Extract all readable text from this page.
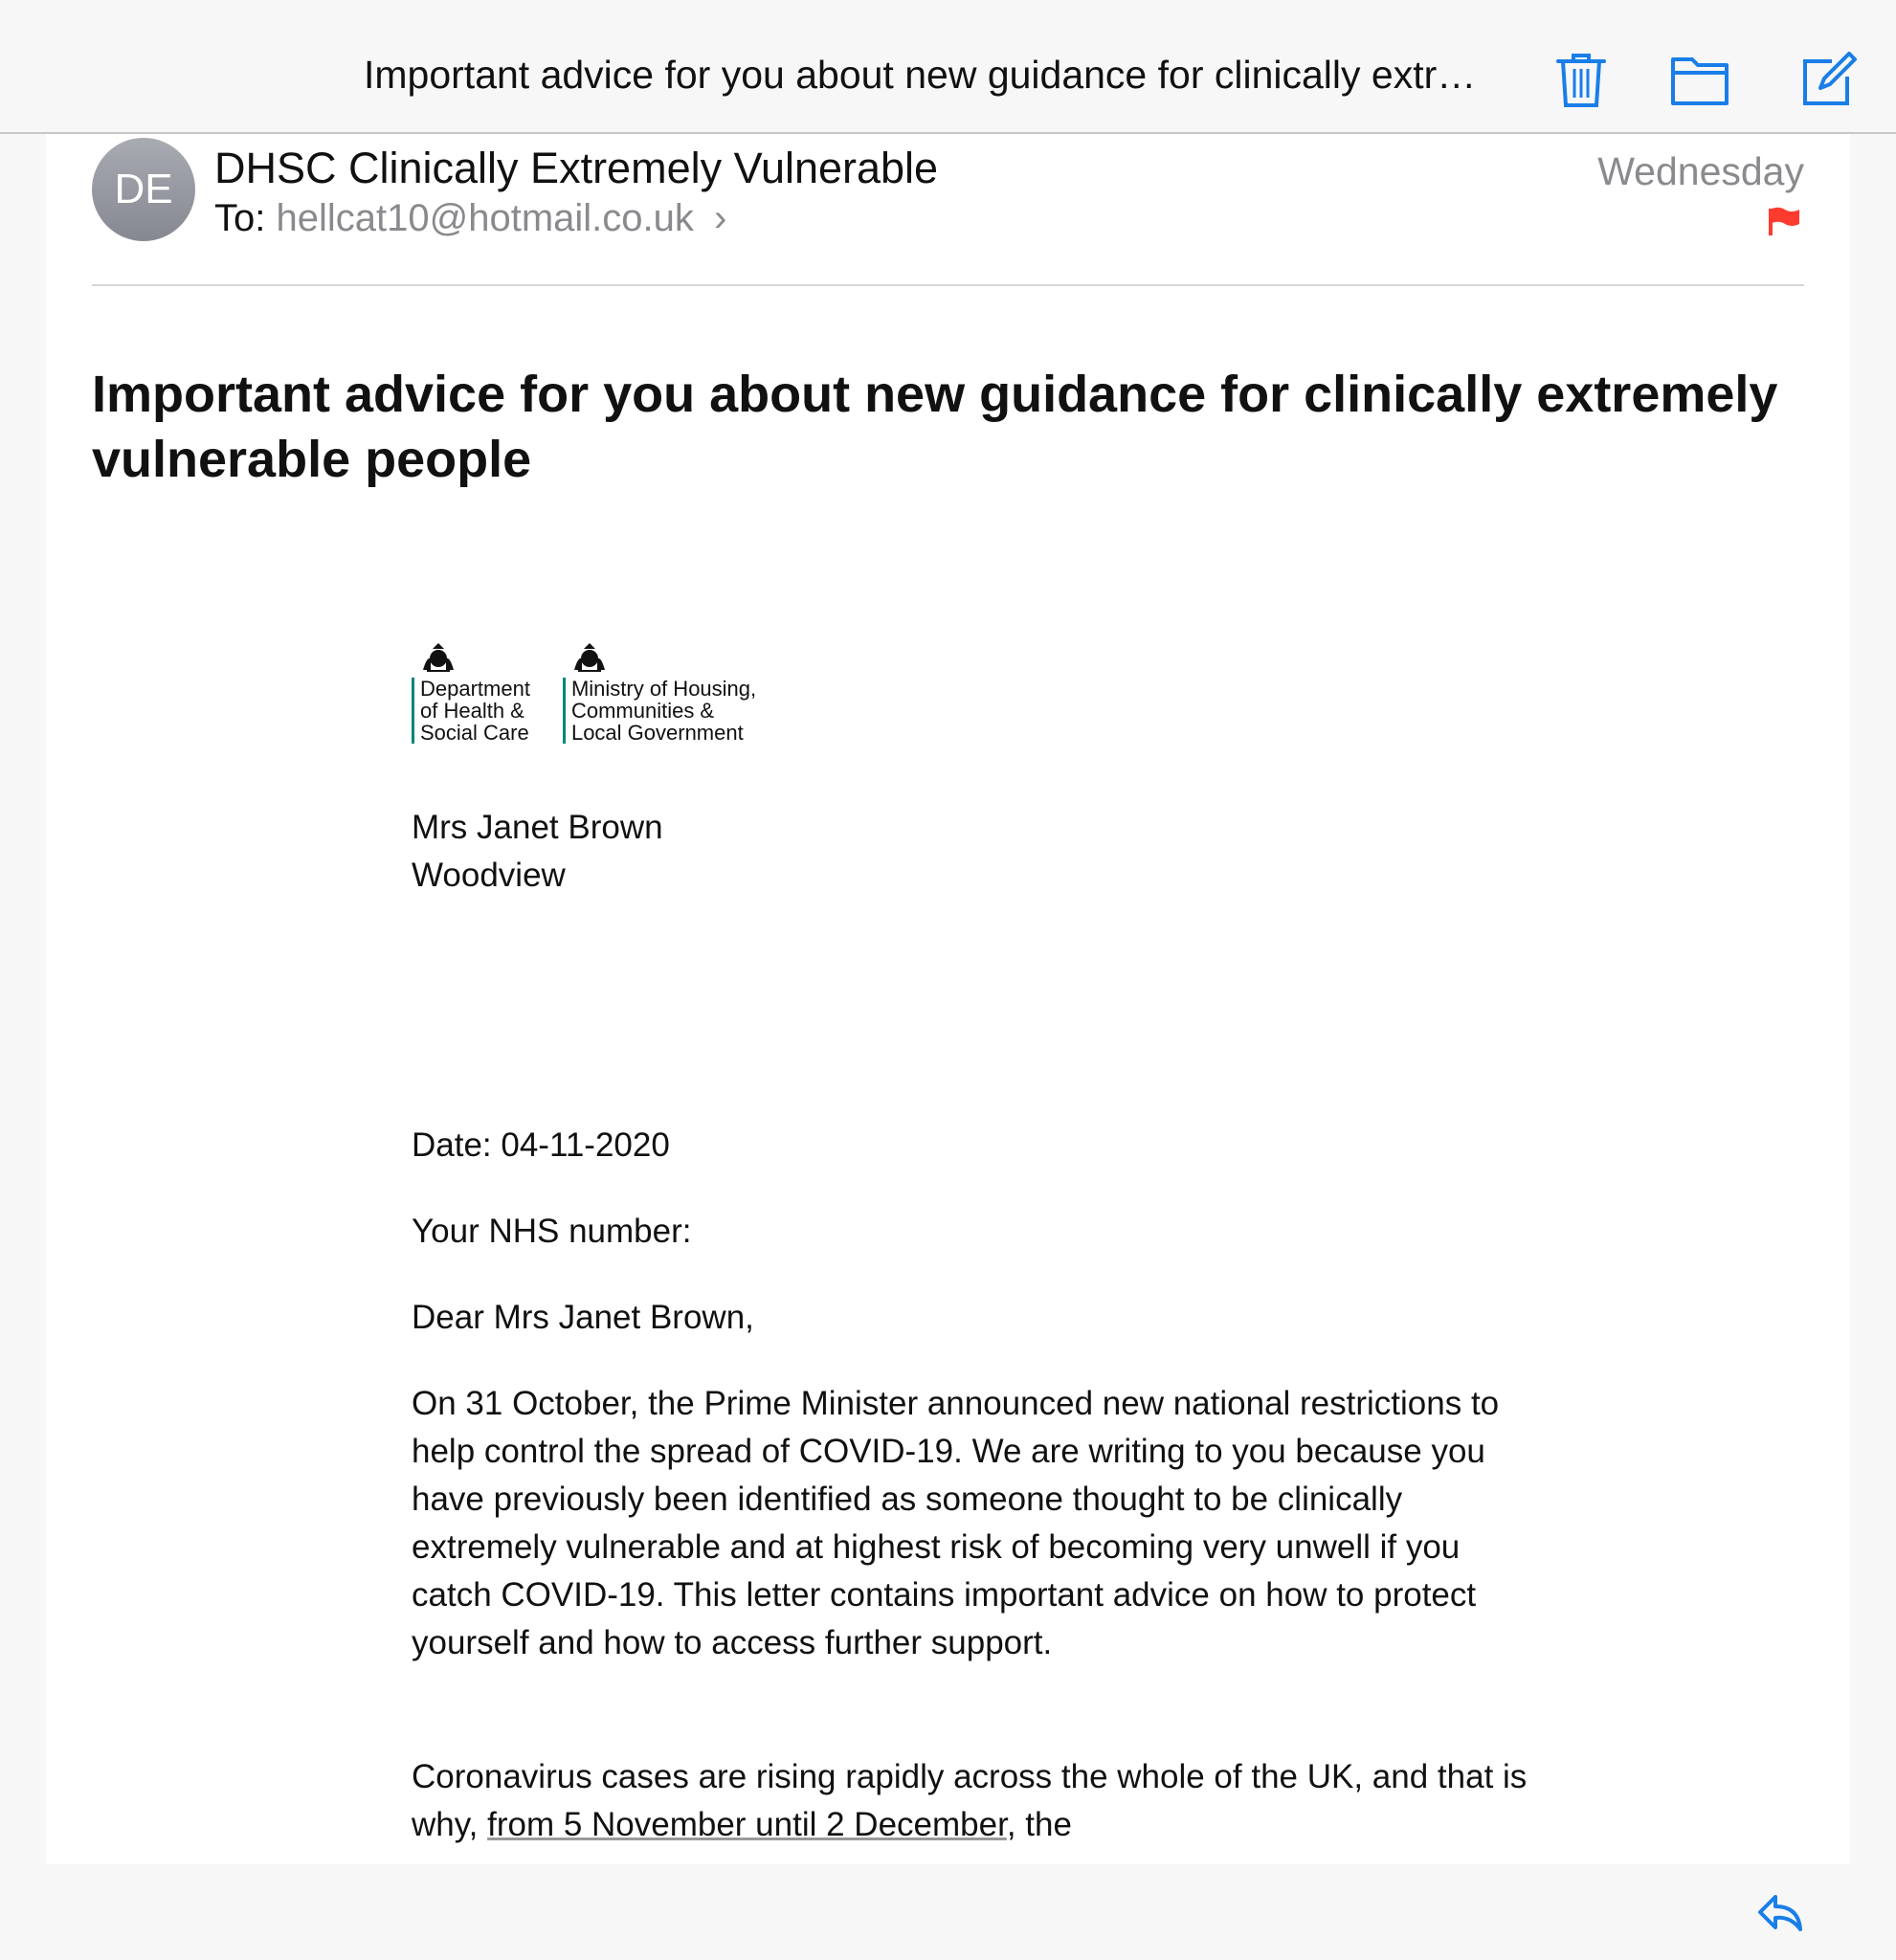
Important advice for you about new guidance for clinically extr…
DE DHSC Clinically Extremely Vulnerable
To: hellcat10@hotmail.co.uk ›
Wednesday
Important advice for you about new guidance for clinically extremely vulnerable people
Department
of Health &
Social Care
Ministry of Housing,
Communities &
Local Government
Mrs Janet Brown
Woodview
Date: 04-11-2020
Your NHS number:
Dear Mrs Janet Brown,
On 31 October, the Prime Minister announced new national restrictions to help control the spread of COVID-19. We are writing to you because you have previously been identified as someone thought to be clinically extremely vulnerable and at highest risk of becoming very unwell if you catch COVID-19. This letter contains important advice on how to protect yourself and how to access further support.
Coronavirus cases are rising rapidly across the whole of the UK, and that is why, from 5 November until 2 December, the
